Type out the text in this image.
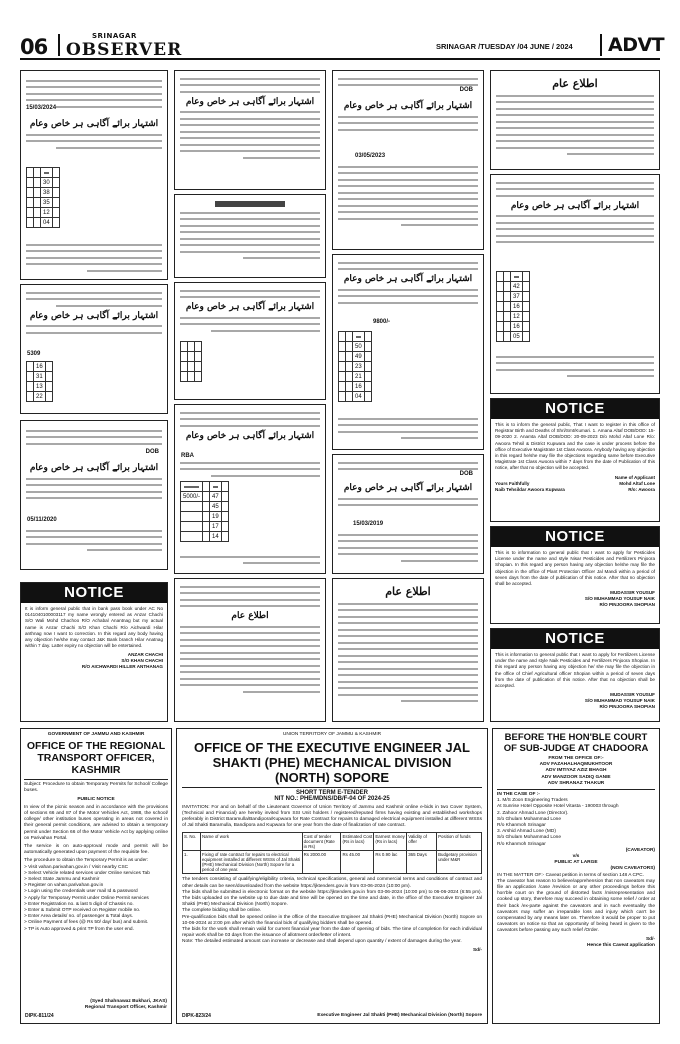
06	SRINAGAR
OBSERVER	SRINAGAR /TUESDAY /04 JUNE / 2024 ADVT
15/03/2024
اشتہار برائے آگاہی ہر خاص وعام

	30	

	38	

	35	

	12	

	04	
اشتہار برائے آگاہی ہر خاص وعام
5309
	16	

	31	

	13	

	22	
DOB
اشتہار برائے آگاہی ہر خاص وعام
05/11/2020
NOTICE
It is inform general public that in bank pass book under AC No 0141040100003117 my name wrongly entered as Anzar Chachi S/O Wali Mohd Chachoo R/O Achabal Anantnag but my actual name is Anzar Chachi S/O Khan Chachi R/o Aichwardi Hilar anthnag now I want to correction. In this regard any body having any objection he/she may contact J&K Bank branch Hilar Anatnag within 7 day. Latter expiry no objection will be entertained.
ANZAR CHACHI
S/O KHAN CHACHI
R/O AICHWARDI HILLER ANTHANAG
اشتہار برائے آگاہی ہر خاص وعام
اشتہار برائے آگاہی ہر خاص وعام

اشتہار برائے آگاہی ہر خاص وعام
RBA

5000/-		47	

	45	

	19	

	17	

	14	
اطلاع عام
DOB
اشتہار برائے آگاہی ہر خاص وعام
03/05/2023
اشتہار برائے آگاہی ہر خاص وعام
9800/-

	50	

	49	

	23	

	21	

	16	

	04	
DOB
اشتہار برائے آگاہی ہر خاص وعام
15/03/2019
اطلاع عام
اطلاع عام
اشتہار برائے آگاہی ہر خاص وعام

	42	

	37	

	16	

	12	

	16	

	05	
NOTICE
This is to inform the general public, That I want to register in this office of Registrar Birth and Deaths of Shri/Smt/Kumari. 1. Amana Altaf DOB/DOD: 15-09-2020 2. Anamta Altaf DOB/DOD: 20-09-2023 D/o Mohd Altaf Lone R/o: Awoora Tehsil & District Kupwara and the case is under process before the office of Executive Magistrate 1st Class Awoora. Anybody having any objection in this regard he/she may file the objections regarding same before Executive Magistrate 1st Class Awoora within 7 days from the date of Publication of this notice, after that no objection will be accepted.
Name of Applicant
Yours Faithfully	Mohd Altaf Lone
Naib Tehsildar Awoora Kupwara	R/o: Awoora
NOTICE
This is to information to general public that I want to apply for Pesticides License under the name and style Nisar Pesticides and Fertilizers Pinjoora Shopian. In this regard any person having any objection he/she may file the objection in the office of Plant Protection Officer Jal Mandi within a period of seven days from the date of publication of this notice. After that no objection shall be accepted.
MUDASSIR YOUSUF
S/O MUHAMMAD YOUSUF NAIK
R/O PINJOORA SHOPIAN
NOTICE
This is information to general public that I want to apply for Fertilizers License under the name and style Naik Pesticides and Fertilizers Pinjoora Shopian. In this regard any person having any objection he/ she may file the objection in the office of Chief Agricultural officer Shopian within a period of seven days from the date of publication of this notice. After that no objection shall be accepted.
MUDASSIR YOUSUF
S/O MUHAMMAD YOUSUF NAIK
R/O PINJOORA SHOPIAN
GOVERNMENT OF JAMMU AND KASHMIR
OFFICE OF THE REGIONAL TRANSPORT OFFICER, KASHMIR
Subject: Procedure to obtain Temporary Permits for School/ College buses.
PUBLIC NOTICE
In view of the picnic season and in accordance with the provisions of sections 66 and 87 of the Motor Vehicles Act, 1988, the school/ college/ other institution buses operating in areas not covered in their general permit conditions, are advised to obtain a temporary permit under Section 66 of the Motor Vehicle Act by applying online on Parivahan Portal.
The service is on auto-approval mode and permit will be automatically generated upon payment of the requisite fee.
The procedure to obtain the Temporary Permit is as under:
> Visit vahan.parivahan.gov.in / Visit nearby CSC
> Select Vehicle related services under Online services Tab
> Select State Jammu and Kashmir
> Register on vahan.parivahan.gov.in
> Login using the credentials user mail Id & password
> Apply for Temporary Permit under Online Permit services
> Enter Registration no. & last 5 digit of Chassis no.
> Enter & Submit OTP received on Register mobile no.
> Enter Area details/ no. of passenger & Total days.
> Online Payment of fees (@ Rs 50/ day/ bus) and submit.
> TP is Auto approved & print TP from the user end.
(Syed Shahnawaz Bukhari, JKAS)
Regional Transport Officer, Kashmir
DIPK-811/24
UNION TERRITORY OF JAMMU & KASHMIR
OFFICE OF THE EXECUTIVE ENGINEER JAL SHAKTI (PHE) MECHANICAL DIVISION (NORTH) SOPORE
SHORT TERM E-TENDER
NIT NO.: PHE/MDNS/DB/F-04 OF 2024-25
INVITATION: For and on behalf of the Lieutenant Governor of Union Territory of Jammu and Kashmir online e-bids in two Cover System, (Technical and Financial) are hereby invited from SSI Unit holders / registered/reputed firms having existing and established workshops preferably in District Baramulla/Bandipora/Kupwara for Rate Contract for repairs to damaged electrical equipment installed at different WSSs of Jal Shakti Baramulla, Bandipora and Kupwara for one year from the date of finalization of rate contract.
S. No.	Name of work	Cost of tender document (Rate in Rs)	Estimated Cost (Rs in lacs)	Earnest money (Rs in lacs)	Validity of offer	Position of funds
1.	Fixing of rate contract for repairs to electrical equipment installed at different WSSs of Jal Shakti (PHE) Mechanical Division (North) Sopore for a period of one year.	Rs 2000.00	Rs 45.00	Rs 0.90 lac	365 Days	Budgetary provision under M&R
The tenders consisting of qualifying/eligibility criteria, technical specifications, general and commercial terms and conditions of contract and other details can be seen/downloaded from the website https://jktenders.gov.in from 03-06-2024 (10:00 pm).
The bids shall be submitted in electronic format on the website https://jktenders.gov.in from 03-06-2024 (10:00 pm) to 06-06-2024 (6:55 pm). The bids uploaded on the website up to due date and time will be opened on the time and date, in the office of the Executive Engineer Jal Shakti (PHE) Mechanical Division (North) Sopore.
The complete bidding shall be online.
Pre-qualification bids shall be opened online in the office of the Executive Engineer Jal Shakti (PHE) Mechanical Division (North) Sopore on 10-06-2024 at 2:00 pm after which the financial bids of qualifying bidders shall be opened.
The bids for the work shall remain valid for current financial year from the date of opening of bids. The time of completion for each individual repair work shall be 03 days from the issuance of allotment order/letter of intent.
Note: The detailed estimated amount can increase or decrease and shall depend upon quantity / extent of damages during the year.
Sd/-
DIPK-823/24	Executive Engineer Jal Shakti (PHE) Mechanical Division (North) Sopore
BEFORE THE HON'BLE COURT OF SUB-JUDGE AT CHADOORA
FROM THE OFFICE OF:-
ADV FAZAHALHAQMUKHTOOR
ADV IMTIYAZ AZIZ BHAGH
ADV MANZOOR SADIQ GANIE
ADV SHRANAZ THAKUR
IN THE CASE OF :-
1. M/S Zoon Engineering Traders
At Sunrise Hotel Opposite Hotel Vitasta - 190003 through
2. Zahoor Ahmad Lone (Director).
S/o Ghulam Mohammad Lone
R/o Khanmoh Srinagar
3. Arshid Ahmad Lone (MD)
S/o Ghulam Mohammad Lone
R/o Khanmoh Srinagar
(CAVEATOR)
v/s
PUBLIC AT LARGE
(NON CAVEATORS)
IN THE MATTER OF:- Caveat petition in terms of section 148 A CPC.
The caveator has reason to believe/apprehension that non caveators may file an application /case /revision or any other proceedings before this hon'ble court on the ground of distorted facts /misrepresentation and cooked up story, therefore may succeed in obtaining some relief / order at their back /ex-parte against the caveators and in such eventuality the caveators may suffer an irreparable loss and injury which can't be compensated by any means later on. Therefore it would be proper to put caveators on notice so that an opportunity of being heard is given to the caveators before passing any such relief /Order.
Sd/-
Hence this Caveat application
